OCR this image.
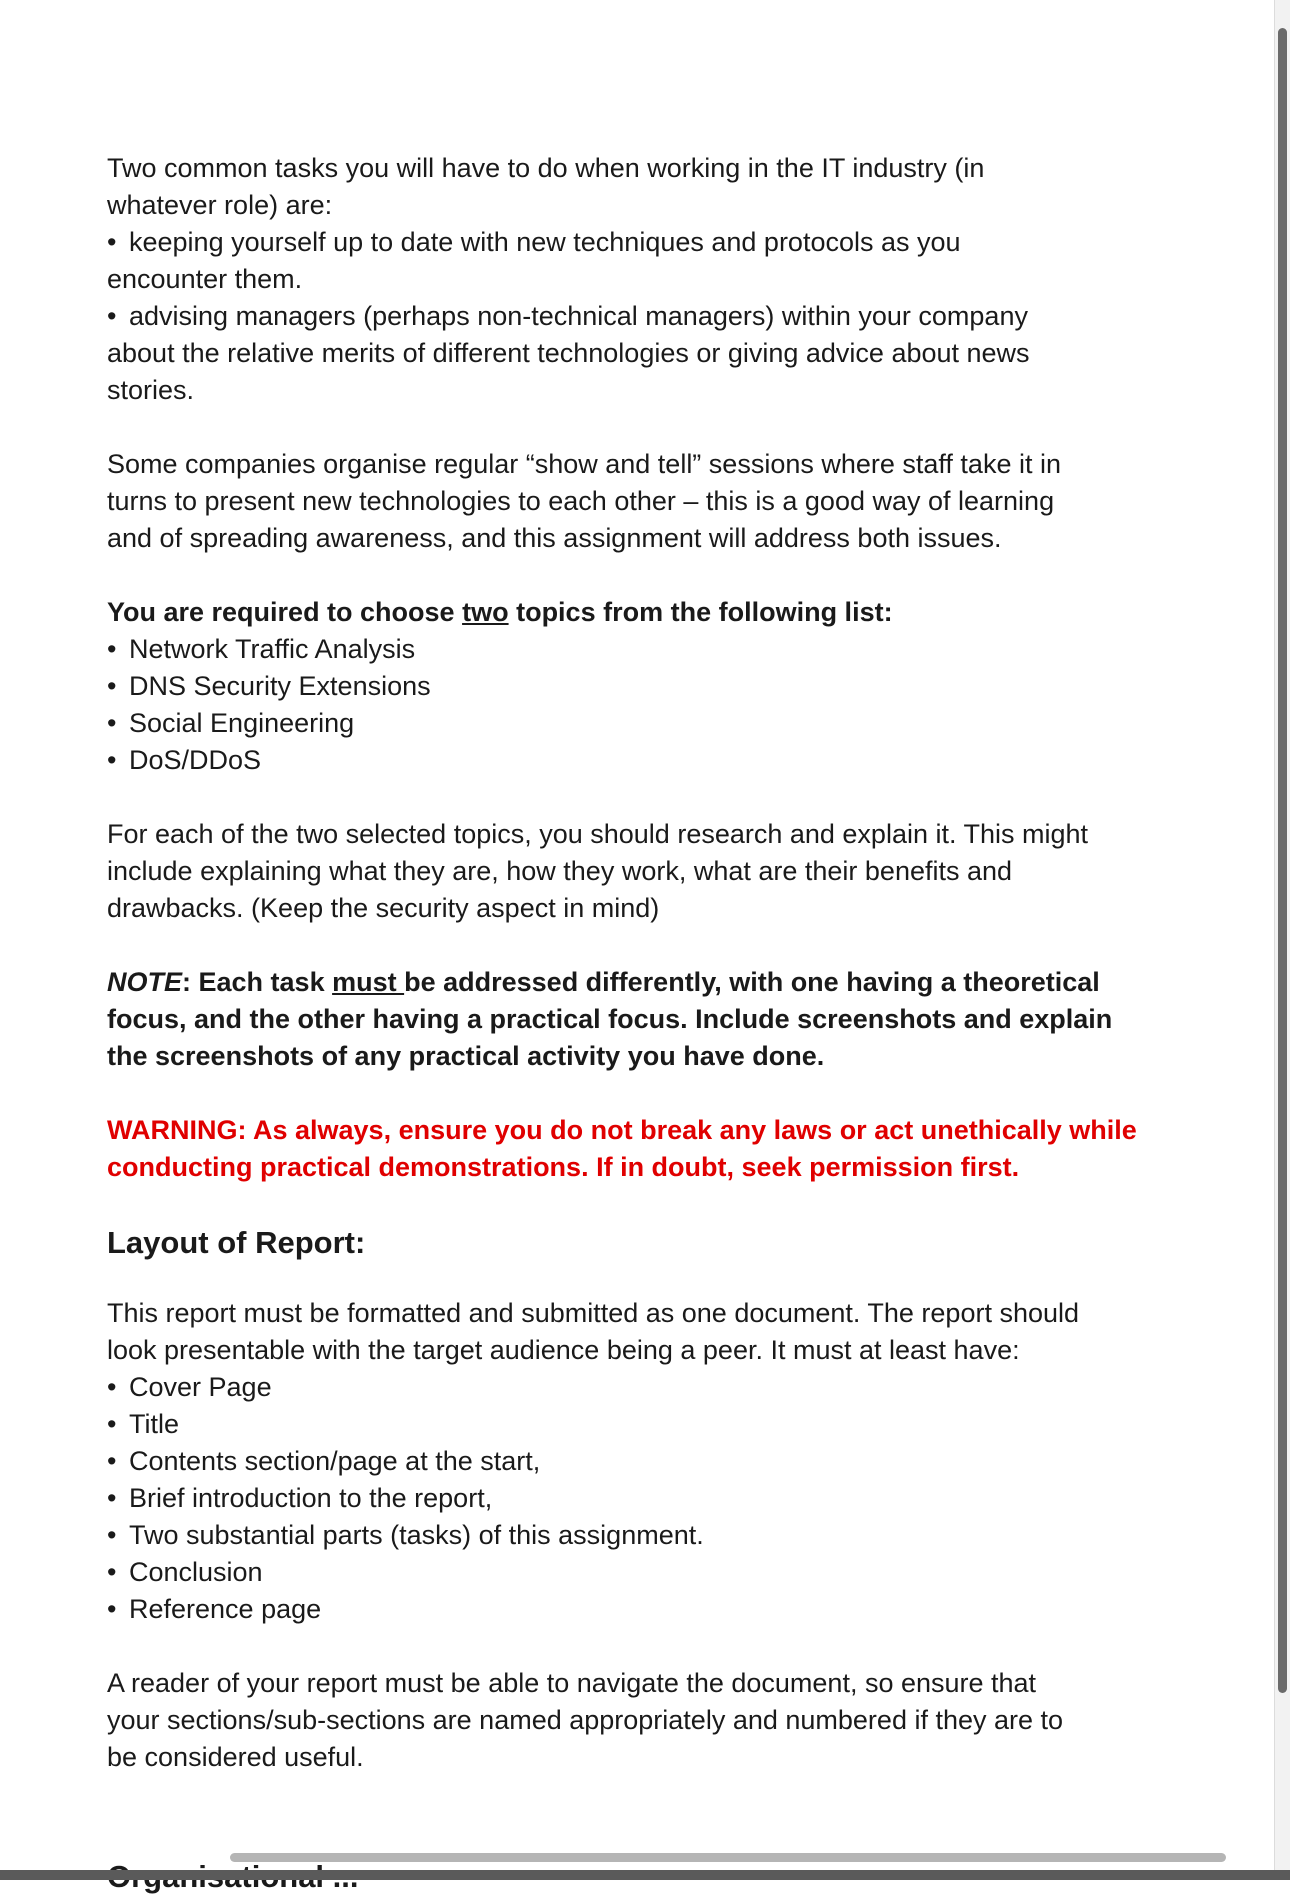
Two common tasks you will have to do when working in the IT industry (in

whatever role) are:

• keeping yourself up to date with new techniques and protocols as you

encounter them.

• advising managers (perhaps non-technical managers) within your company

about the relative merits of different technologies or giving advice about news

stories.

Some companies organise regular “show and tell” sessions where staff take it in

turns to present new technologies to each other – this is a good way of learning

and of spreading awareness, and this assignment will address both issues.

You are required to choose two topics from the following list:

• Network Traffic Analysis

• DNS Security Extensions

• Social Engineering

• DoS/DDoS

For each of the two selected topics, you should research and explain it. This might

include explaining what they are, how they work, what are their benefits and

drawbacks. (Keep the security aspect in mind)

NOTE: Each task must be addressed differently, with one having a theoretical

focus, and the other having a practical focus. Include screenshots and explain

the screenshots of any practical activity you have done.

WARNING: As always, ensure you do not break any laws or act unethically while

conducting practical demonstrations. If in doubt, seek permission first.

Layout of Report:

This report must be formatted and submitted as one document. The report should

look presentable with the target audience being a peer. It must at least have:

• Cover Page

• Title

• Contents section/page at the start,

• Brief introduction to the report,

• Two substantial parts (tasks) of this assignment.

• Conclusion

• Reference page

A reader of your report must be able to navigate the document, so ensure that

your sections/sub-sections are named appropriately and numbered if they are to

be considered useful.
